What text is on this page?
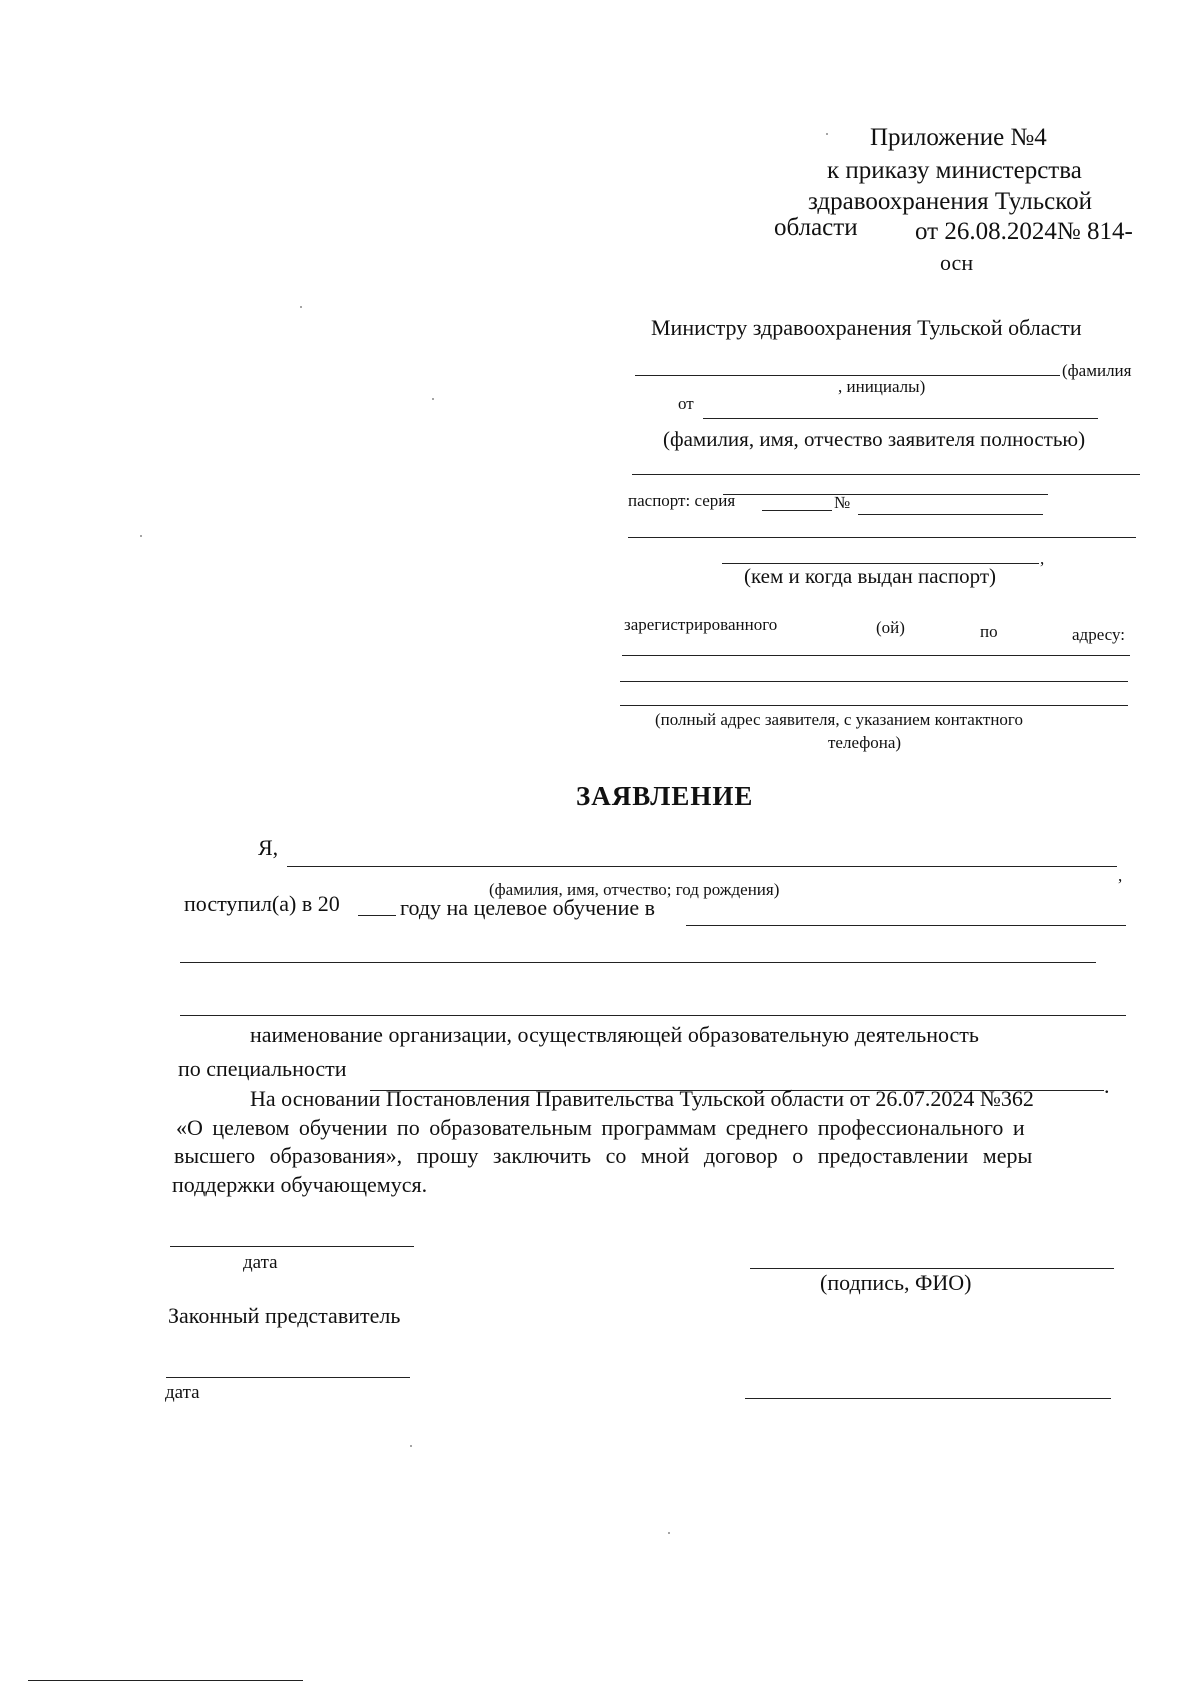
Приложение №4
к приказу министерства
здравоохранения Тульской
области от 26.08.2024№ 814-
осн
Министру здравоохранения Тульской области
(фамилия
, инициалы)
от
(фамилия, имя, отчество заявителя полностью)
паспорт: серия	№
,
(кем и когда выдан паспорт)
зарегистрированного	(ой)	по	адресу:
(полный адрес заявителя, с указанием контактного
телефона)
ЗАЯВЛЕНИЕ
Я,
,
(фамилия, имя, отчество; год рождения)
поступил(а) в 20	году на целевое обучение в
наименование организации, осуществляющей образовательную деятельность
по специальности
.
На основании Постановления Правительства Тульской области от 26.07.2024 №362
«О целевом обучении по образовательным программам среднего профессионального и
высшего образования», прошу заключить со мной договор о предоставлении меры
поддержки обучающемуся.
дата
(подпись, ФИО)
Законный представитель
дата
